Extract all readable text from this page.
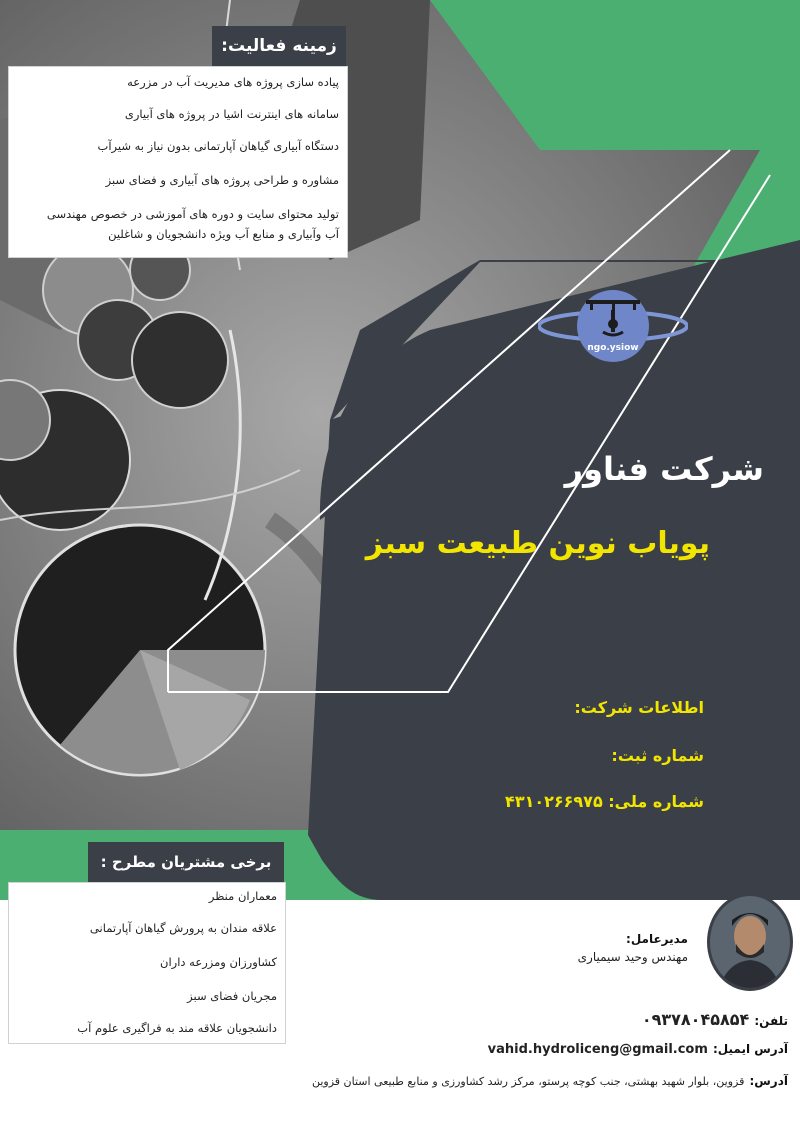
زمینه فعالیت:
پیاده سازی پروژه های مدیریت آب در مزرعه
سامانه های اینترنت اشیا در پروژه های آبیاری
دستگاه آبیاری گیاهان آپارتمانی بدون نیاز به شیرآب
مشاوره و طراحی پروژه های آبیاری و فضای سبز
تولید محتوای سایت و دوره های آموزشی در خصوص مهندسی
آب وآبیاری و منابع آب ویژه دانشجویان و شاغلین
ngo.ysiow
شرکت فناور
پویاب نوین طبیعت سبز
اطلاعات شرکت:
شماره ثبت:
شماره ملی: ۴۳۱۰۲۶۶۹۷۵
برخی مشتریان مطرح :
معماران منظر
علاقه مندان به پرورش گیاهان آپارتمانی
کشاورزان ومزرعه داران
مجریان فضای سبز
دانشجویان علاقه مند به فراگیری علوم آب
مدیرعامل:
مهندس وحید سیمیاری
تلفن: ۰۹۳۷۸۰۴۵۸۵۴
آدرس ایمیل: vahid.hydroliceng@gmail.com
آدرس: قزوین، بلوار شهید بهشتی، جنب کوچه پرستو، مرکز رشد کشاورزی و منابع طبیعی استان قزوین
